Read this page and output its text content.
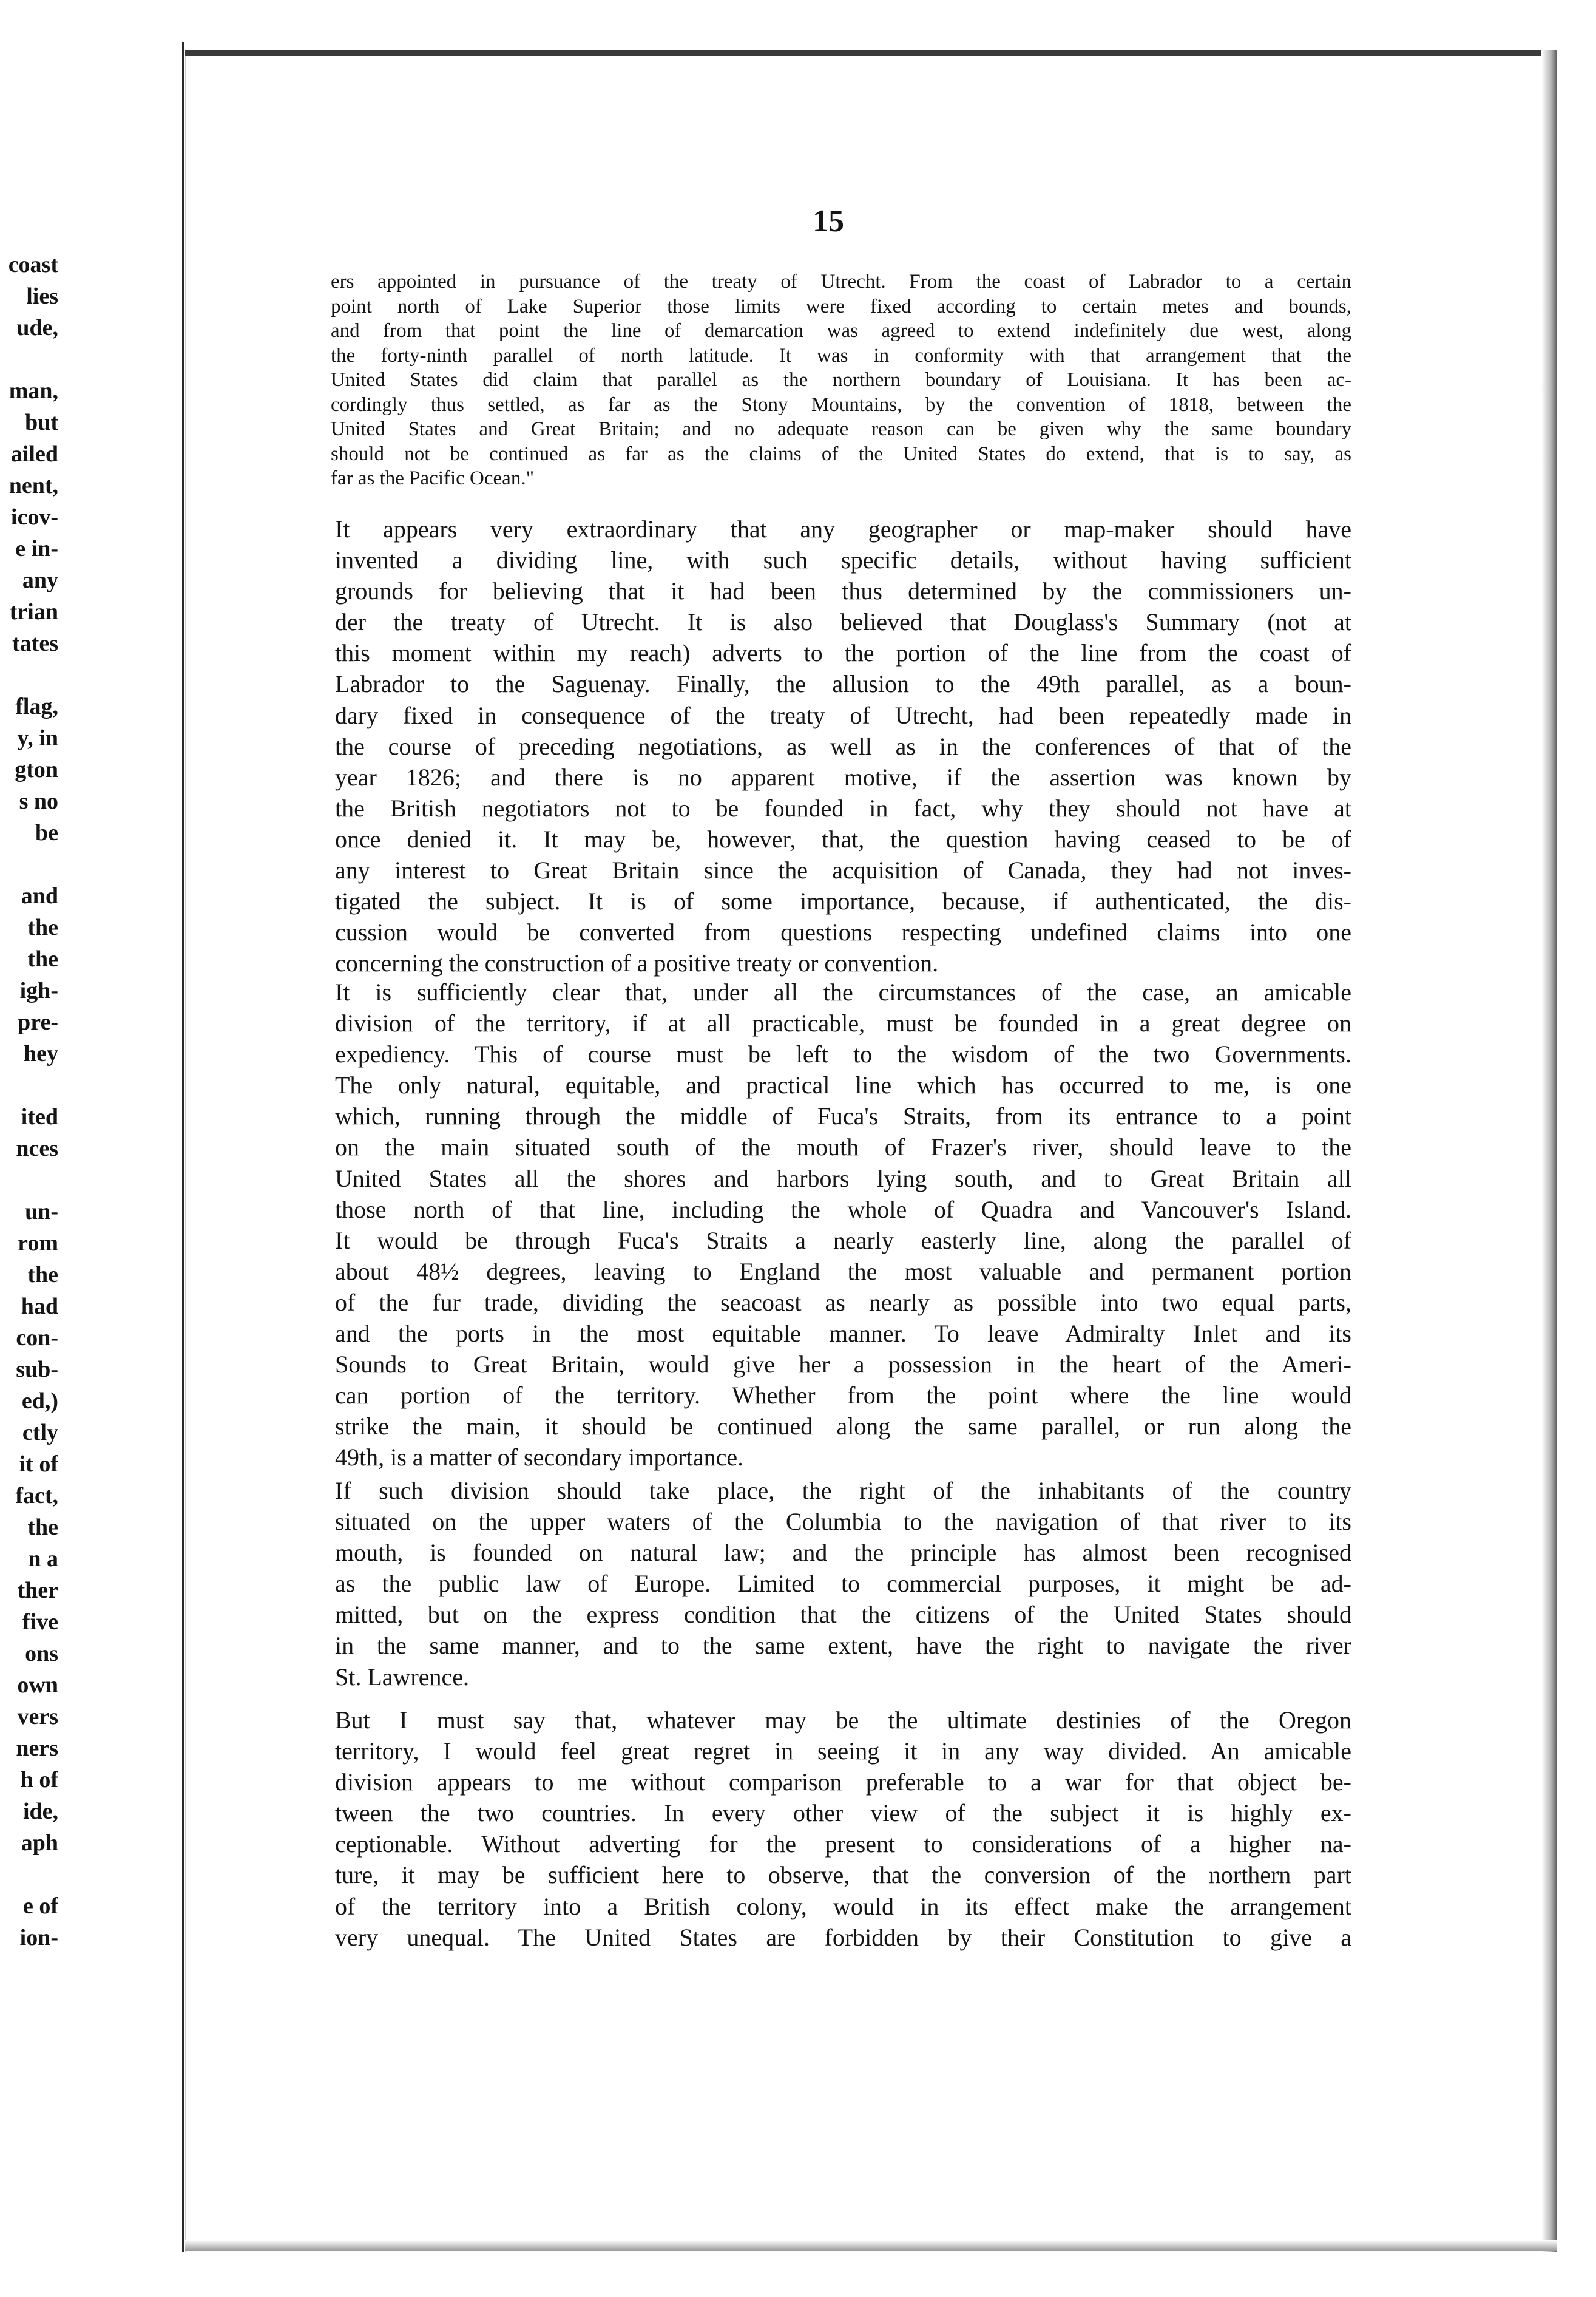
coast
lies
ude,
man,
but
ailed
nent,
icov-
e in-
any
trian
tates
flag,
y, in
gton
s no
be
and
the
the
igh-
pre-
hey
ited
nces
un-
rom
the
had
con-
sub-
ed,)
ctly
it of
fact,
the
n a
ther
five
ons
own
vers
ners
h of
ide,
aph
e of
ion-
15
ers appointed in pursuance of the treaty of Utrecht. From the coast of Labrador to a certain
point north of Lake Superior those limits were fixed according to certain metes and bounds,
and from that point the line of demarcation was agreed to extend indefinitely due west, along
the forty-ninth parallel of north latitude. It was in conformity with that arrangement that the
United States did claim that parallel as the northern boundary of Louisiana. It has been ac-
cordingly thus settled, as far as the Stony Mountains, by the convention of 1818, between the
United States and Great Britain; and no adequate reason can be given why the same boundary
should not be continued as far as the claims of the United States do extend, that is to say, as
far as the Pacific Ocean."
It appears very extraordinary that any geographer or map-maker should have
invented a dividing line, with such specific details, without having sufficient
grounds for believing that it had been thus determined by the commissioners un-
der the treaty of Utrecht. It is also believed that Douglass's Summary (not at
this moment within my reach) adverts to the portion of the line from the coast of
Labrador to the Saguenay. Finally, the allusion to the 49th parallel, as a boun-
dary fixed in consequence of the treaty of Utrecht, had been repeatedly made in
the course of preceding negotiations, as well as in the conferences of that of the
year 1826; and there is no apparent motive, if the assertion was known by
the British negotiators not to be founded in fact, why they should not have at
once denied it. It may be, however, that, the question having ceased to be of
any interest to Great Britain since the acquisition of Canada, they had not inves-
tigated the subject. It is of some importance, because, if authenticated, the dis-
cussion would be converted from questions respecting undefined claims into one
concerning the construction of a positive treaty or convention.
It is sufficiently clear that, under all the circumstances of the case, an amicable
division of the territory, if at all practicable, must be founded in a great degree on
expediency. This of course must be left to the wisdom of the two Governments.
The only natural, equitable, and practical line which has occurred to me, is one
which, running through the middle of Fuca's Straits, from its entrance to a point
on the main situated south of the mouth of Frazer's river, should leave to the
United States all the shores and harbors lying south, and to Great Britain all
those north of that line, including the whole of Quadra and Vancouver's Island.
It would be through Fuca's Straits a nearly easterly line, along the parallel of
about 48½ degrees, leaving to England the most valuable and permanent portion
of the fur trade, dividing the seacoast as nearly as possible into two equal parts,
and the ports in the most equitable manner. To leave Admiralty Inlet and its
Sounds to Great Britain, would give her a possession in the heart of the Ameri-
can portion of the territory. Whether from the point where the line would
strike the main, it should be continued along the same parallel, or run along the
49th, is a matter of secondary importance.
If such division should take place, the right of the inhabitants of the country
situated on the upper waters of the Columbia to the navigation of that river to its
mouth, is founded on natural law; and the principle has almost been recognised
as the public law of Europe. Limited to commercial purposes, it might be ad-
mitted, but on the express condition that the citizens of the United States should
in the same manner, and to the same extent, have the right to navigate the river
St. Lawrence.
But I must say that, whatever may be the ultimate destinies of the Oregon
territory, I would feel great regret in seeing it in any way divided. An amicable
division appears to me without comparison preferable to a war for that object be-
tween the two countries. In every other view of the subject it is highly ex-
ceptionable. Without adverting for the present to considerations of a higher na-
ture, it may be sufficient here to observe, that the conversion of the northern part
of the territory into a British colony, would in its effect make the arrangement
very unequal. The United States are forbidden by their Constitution to give a
